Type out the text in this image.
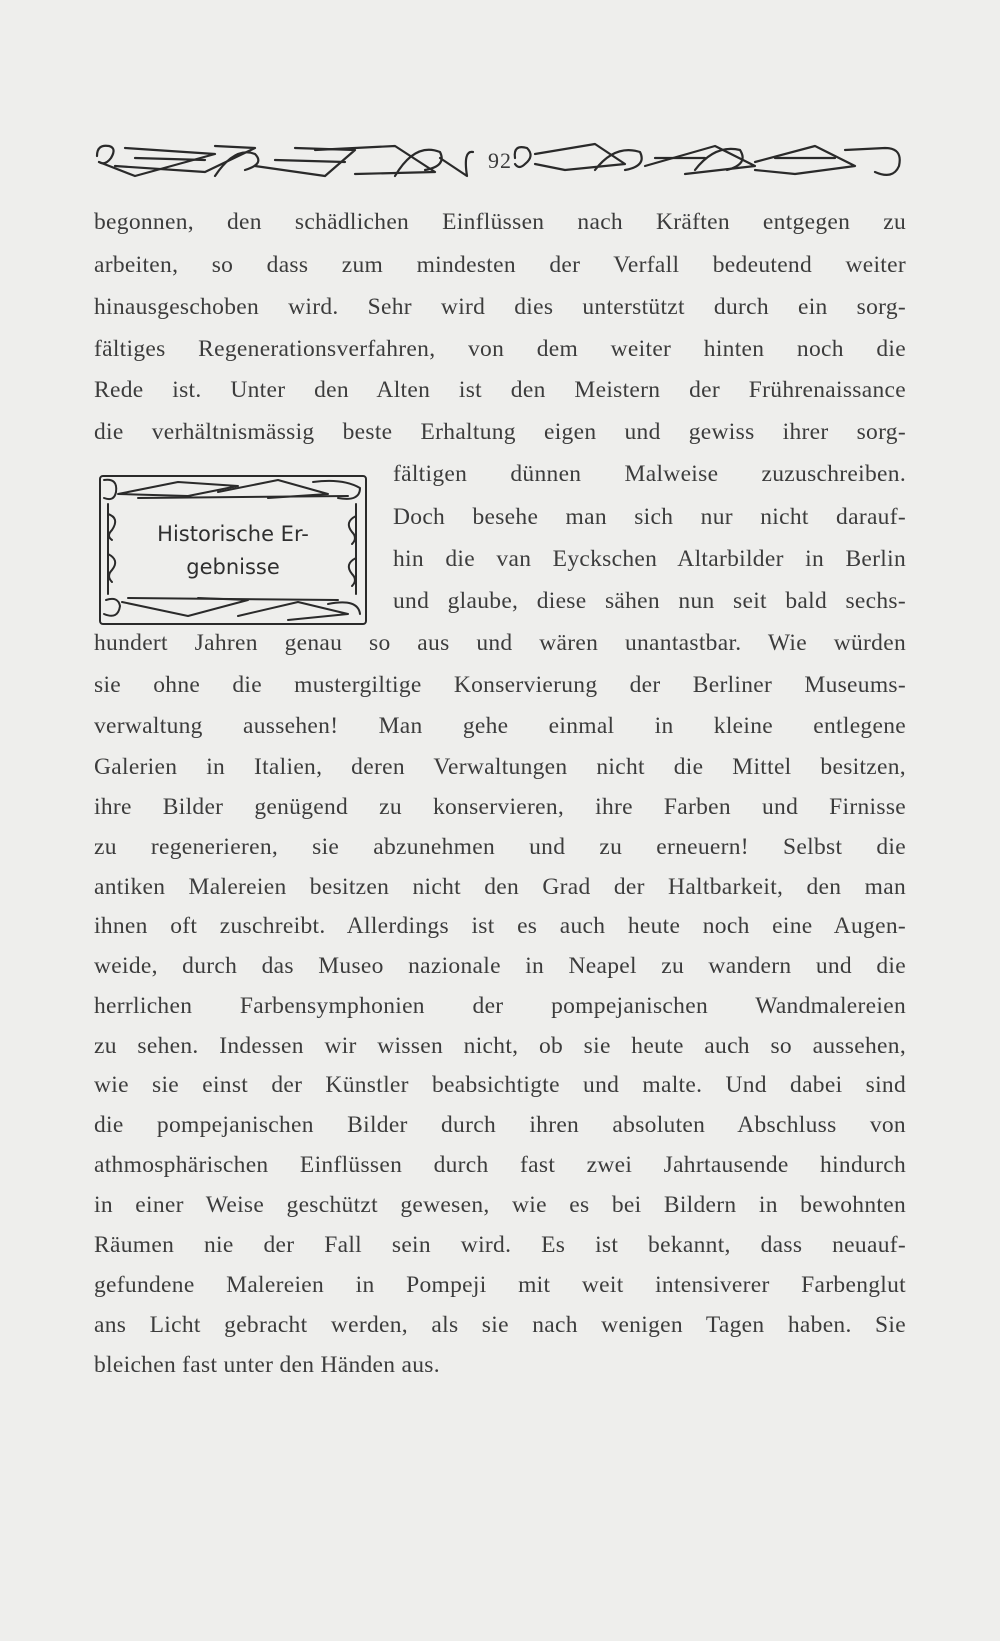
92
Historische Er-
gebnisse
begonnen, den schädlichen Einflüssen nach Kräften entgegen zu
arbeiten, so dass zum mindesten der Verfall bedeutend weiter
hinausgeschoben wird. Sehr wird dies unterstützt durch ein sorg-
fältiges Regenerationsverfahren, von dem weiter hinten noch die
Rede ist. Unter den Alten ist den Meistern der Frührenaissance
die verhältnismässig beste Erhaltung eigen und gewiss ihrer sorg-
fältigen dünnen Malweise zuzuschreiben.
Doch besehe man sich nur nicht darauf-
hin die van Eyckschen Altarbilder in Berlin
und glaube, diese sähen nun seit bald sechs-
hundert Jahren genau so aus und wären unantastbar. Wie würden
sie ohne die mustergiltige Konservierung der Berliner Museums-
verwaltung aussehen! Man gehe einmal in kleine entlegene
Galerien in Italien, deren Verwaltungen nicht die Mittel besitzen,
ihre Bilder genügend zu konservieren, ihre Farben und Firnisse
zu regenerieren, sie abzunehmen und zu erneuern! Selbst die
antiken Malereien besitzen nicht den Grad der Haltbarkeit, den man
ihnen oft zuschreibt. Allerdings ist es auch heute noch eine Augen-
weide, durch das Museo nazionale in Neapel zu wandern und die
herrlichen Farbensymphonien der pompejanischen Wandmalereien
zu sehen. Indessen wir wissen nicht, ob sie heute auch so aussehen,
wie sie einst der Künstler beabsichtigte und malte. Und dabei sind
die pompejanischen Bilder durch ihren absoluten Abschluss von
athmosphärischen Einflüssen durch fast zwei Jahrtausende hindurch
in einer Weise geschützt gewesen, wie es bei Bildern in bewohnten
Räumen nie der Fall sein wird. Es ist bekannt, dass neuauf-
gefundene Malereien in Pompeji mit weit intensiverer Farbenglut
ans Licht gebracht werden, als sie nach wenigen Tagen haben. Sie
bleichen fast unter den Händen aus.
